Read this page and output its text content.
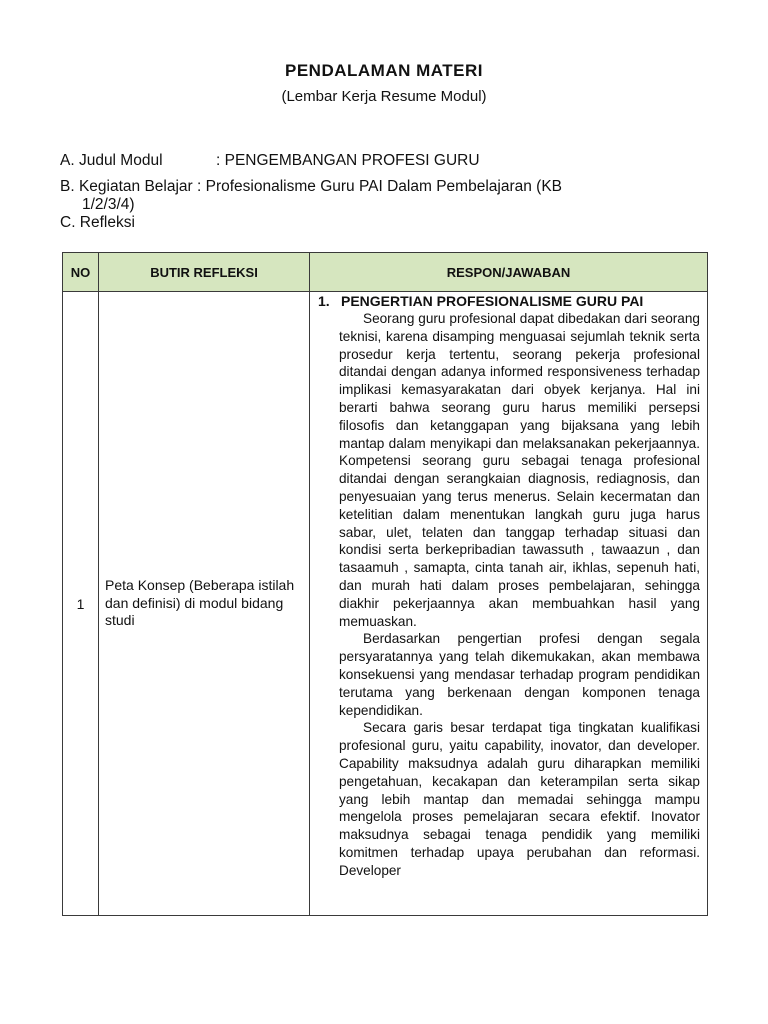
PENDALAMAN MATERI
(Lembar Kerja Resume Modul)
A. Judul Modul	: PENGEMBANGAN PROFESI GURU
B. Kegiatan Belajar : Profesionalisme Guru PAI Dalam Pembelajaran (KB
1/2/3/4)
C. Refleksi
NO	BUTIR REFLEKSI	RESPON/JAWABAN
1	Peta Konsep (Beberapa istilah dan definisi) di modul bidang studi	1. PENGERTIAN PROFESIONALISME GURU PAI

Seorang guru profesional dapat dibedakan dari seorang teknisi, karena disamping menguasai sejumlah teknik serta prosedur kerja tertentu, seorang pekerja profesional ditandai dengan adanya informed responsiveness terhadap implikasi kemasyarakatan dari obyek kerjanya. Hal ini berarti bahwa seorang guru harus memiliki persepsi filosofis dan ketanggapan yang bijaksana yang lebih mantap dalam menyikapi dan melaksanakan pekerjaannya. Kompetensi seorang guru sebagai tenaga profesional ditandai dengan serangkaian diagnosis, rediagnosis, dan penyesuaian yang terus menerus. Selain kecermatan dan ketelitian dalam menentukan langkah guru juga harus sabar, ulet, telaten dan tanggap terhadap situasi dan kondisi serta berkepribadian tawassuth , tawaazun , dan tasaamuh , samapta, cinta tanah air, ikhlas, sepenuh hati, dan murah hati dalam proses pembelajaran, sehingga diakhir pekerjaannya akan membuahkan hasil yang memuaskan.

Berdasarkan pengertian profesi dengan segala persyaratannya yang telah dikemukakan, akan membawa konsekuensi yang mendasar terhadap program pendidikan terutama yang berkenaan dengan komponen tenaga kependidikan.

Secara garis besar terdapat tiga tingkatan kualifikasi profesional guru, yaitu capability, inovator, dan developer. Capability maksudnya adalah guru diharapkan memiliki pengetahuan, kecakapan dan keterampilan serta sikap yang lebih mantap dan memadai sehingga mampu mengelola proses pemelajaran secara efektif. Inovator maksudnya sebagai tenaga pendidik yang memiliki komitmen terhadap upaya perubahan dan reformasi. Developer
